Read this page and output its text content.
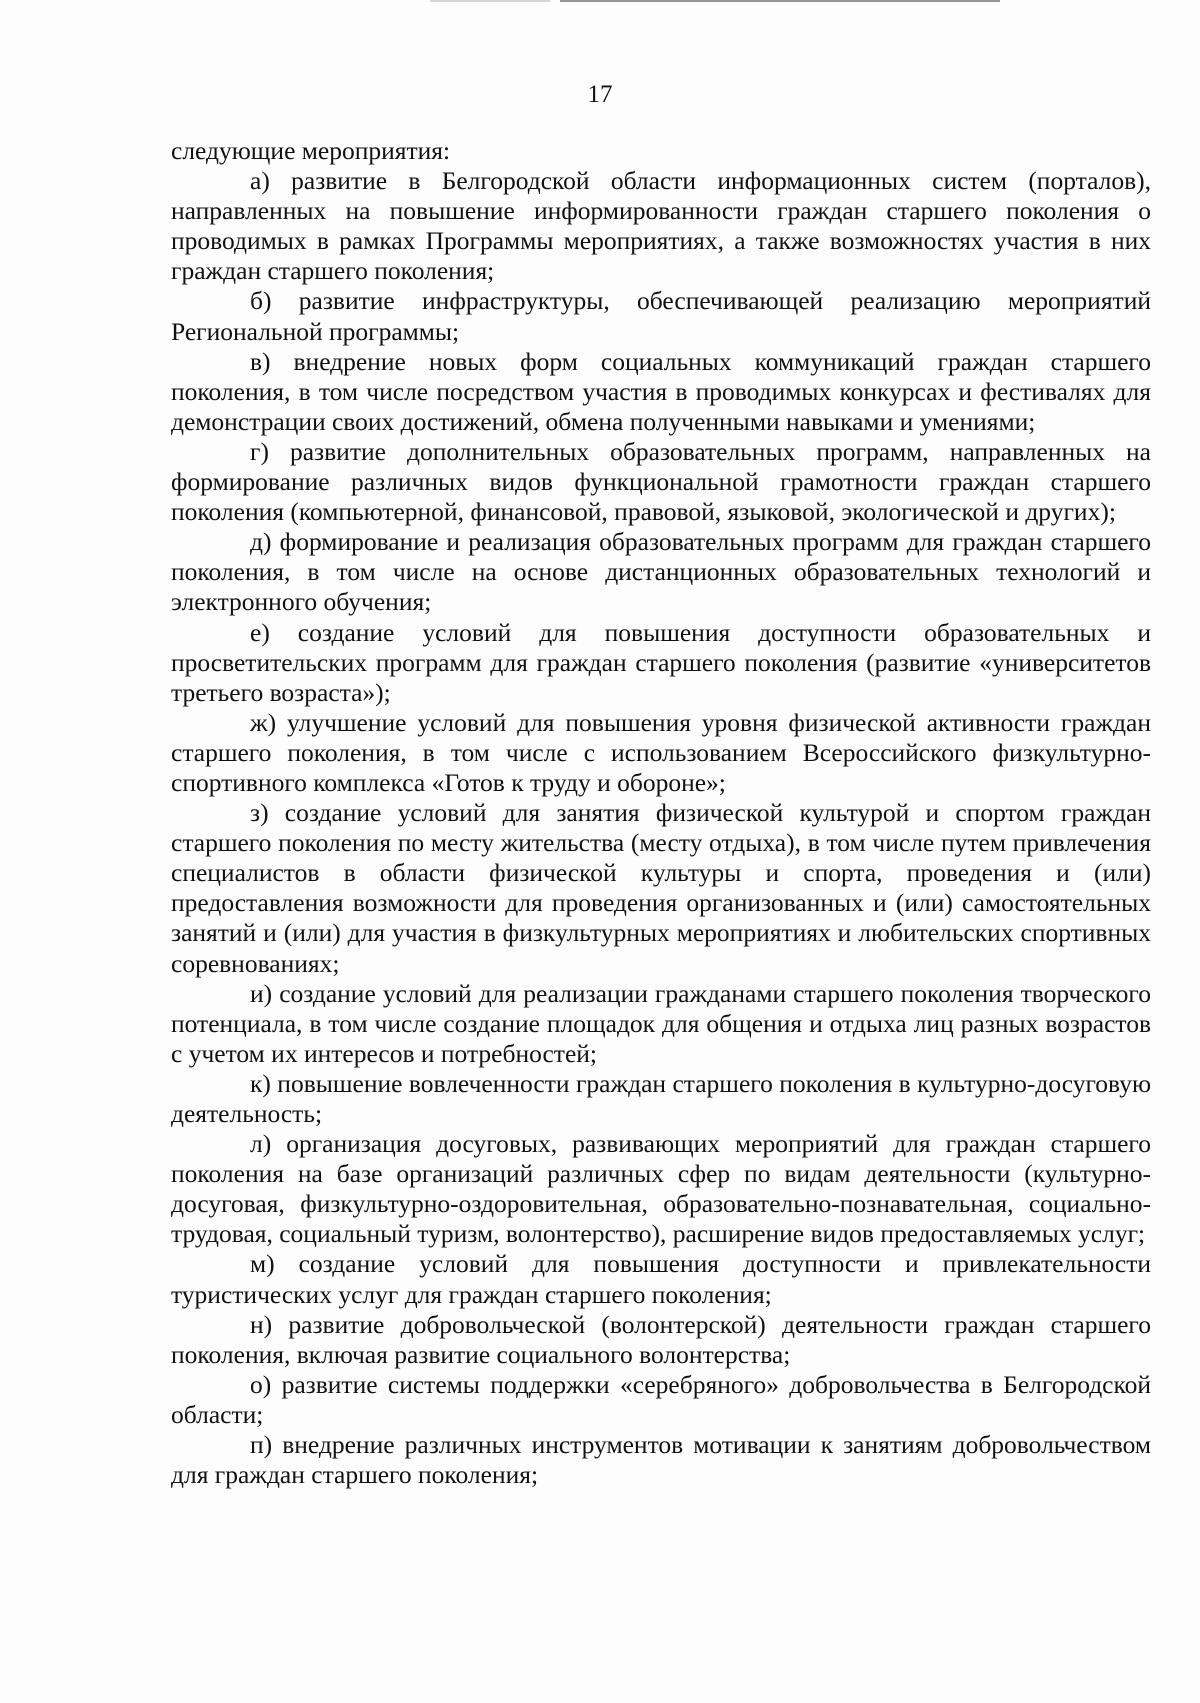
17

следующие мероприятия:

а) развитие в Белгородской области информационных систем (порталов), направленных на повышение информированности граждан старшего поколения о проводимых в рамках Программы мероприятиях, а также возможностях участия в них граждан старшего поколения;

б) развитие инфраструктуры, обеспечивающей реализацию мероприятий Региональной программы;

в) внедрение новых форм социальных коммуникаций граждан старшего поколения, в том числе посредством участия в проводимых конкурсах и фестивалях для демонстрации своих достижений, обмена полученными навыками и умениями;

г) развитие дополнительных образовательных программ, направленных на формирование различных видов функциональной грамотности граждан старшего поколения (компьютерной, финансовой, правовой, языковой, экологической и других);

д) формирование и реализация образовательных программ для граждан старшего поколения, в том числе на основе дистанционных образовательных технологий и электронного обучения;

е) создание условий для повышения доступности образовательных и просветительских программ для граждан старшего поколения (развитие «университетов третьего возраста»);

ж) улучшение условий для повышения уровня физической активности граждан старшего поколения, в том числе с использованием Всероссийского физкультурно-спортивного комплекса «Готов к труду и обороне»;

з) создание условий для занятия физической культурой и спортом граждан старшего поколения по месту жительства (месту отдыха), в том числе путем привлечения специалистов в области физической культуры и спорта, проведения и (или) предоставления возможности для проведения организованных и (или) самостоятельных занятий и (или) для участия в физкультурных мероприятиях и любительских спортивных соревнованиях;

и) создание условий для реализации гражданами старшего поколения творческого потенциала, в том числе создание площадок для общения и отдыха лиц разных возрастов с учетом их интересов и потребностей;

к) повышение вовлеченности граждан старшего поколения в культурно-досуговую деятельность;

л) организация досуговых, развивающих мероприятий для граждан старшего поколения на базе организаций различных сфер по видам деятельности (культурно-досуговая, физкультурно-оздоровительная, образовательно-познавательная, социально-трудовая, социальный туризм, волонтерство), расширение видов предоставляемых услуг;

м) создание условий для повышения доступности и привлекательности туристических услуг для граждан старшего поколения;

н) развитие добровольческой (волонтерской) деятельности граждан старшего поколения, включая развитие социального волонтерства;

о) развитие системы поддержки «серебряного» добровольчества в Белгородской области;

п) внедрение различных инструментов мотивации к занятиям добровольчеством для граждан старшего поколения;
